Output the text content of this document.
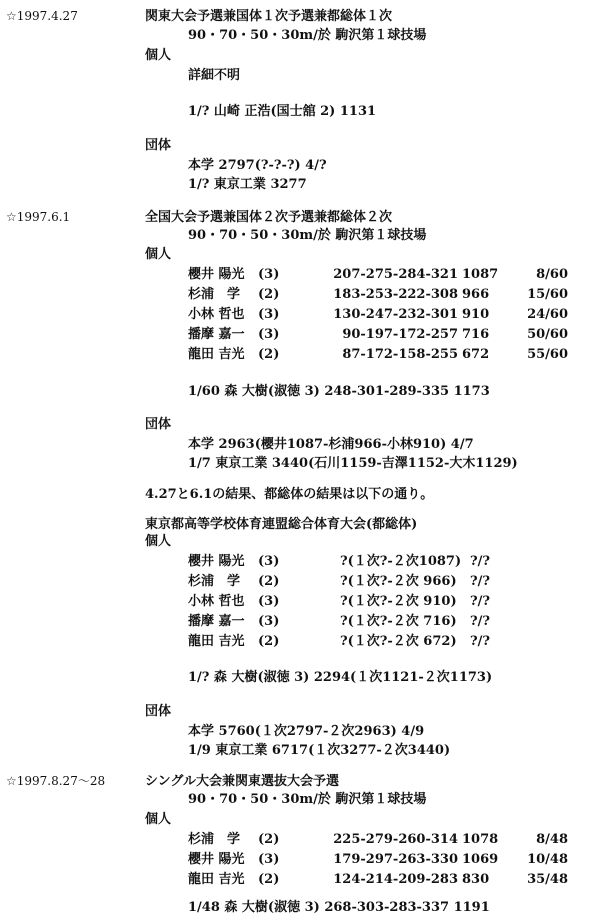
☆1997.4.27	関東大会予選兼国体１次予選兼都総体１次
90・70・50・30m/於 駒沢第１球技場
個人
詳細不明
1/? 山崎 正浩(国士舘 2) 1131
団体
本学 2797(?-?-?) 4/?
1/? 東京工業 3277
☆1997.6.1	全国大会予選兼国体２次予選兼都総体２次
90・70・50・30m/於 駒沢第１球技場
個人
櫻井 陽光 (3)	207-275-284-321 1087	8/60
杉浦　学 (2)	183-253-222-308 966	15/60
小林 哲也 (3)	130-247-232-301 910	24/60
播摩 嘉一 (3)	90-197-172-257 716	50/60
龍田 吉光 (2)	87-172-158-255 672	55/60
1/60 森 大樹(淑徳 3) 248-301-289-335 1173
団体
本学 2963(櫻井1087-杉浦966-小林910) 4/7
1/7 東京工業 3440(石川1159-吉澤1152-大木1129)
4.27と6.1の結果、都総体の結果は以下の通り。
東京都高等学校体育連盟総合体育大会(都総体)
個人
櫻井 陽光 (3)	?(１次?-２次1087) ?/?
杉浦　学 (2)	?(１次?-２次 966) ?/?
小林 哲也 (3)	?(１次?-２次 910) ?/?
播摩 嘉一 (3)	?(１次?-２次 716) ?/?
龍田 吉光 (2)	?(１次?-２次 672) ?/?
1/? 森 大樹(淑徳 3) 2294(１次1121-２次1173)
団体
本学 5760(１次2797-２次2963) 4/9
1/9 東京工業 6717(１次3277-２次3440)
☆1997.8.27～28	シングル大会兼関東選抜大会予選
90・70・50・30m/於 駒沢第１球技場
個人
杉浦　学 (2)	225-279-260-314 1078	8/48
櫻井 陽光 (3)	179-297-263-330 1069 10/48
龍田 吉光 (2)	124-214-209-283 830	35/48
1/48 森 大樹(淑徳 3) 268-303-283-337 1191
